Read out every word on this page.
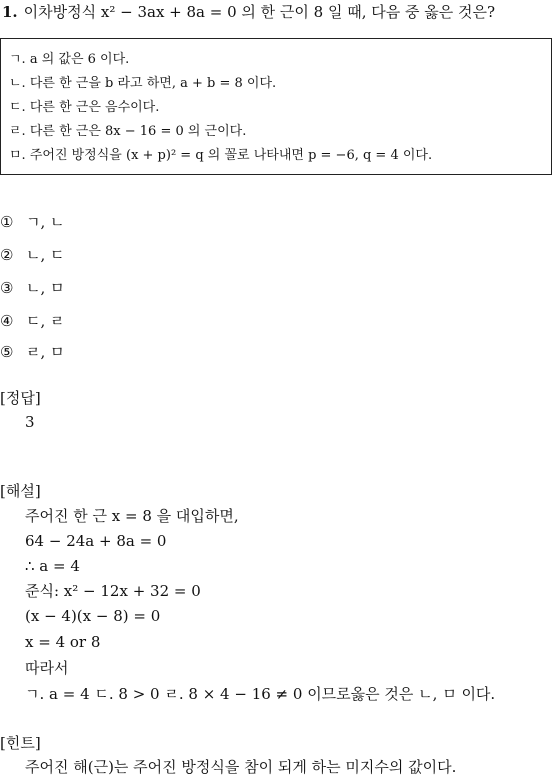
1. 이차방정식 x² − 3ax + 8a = 0 의 한 근이 8 일 때, 다음 중 옳은 것은?
ㄱ. a 의 값은 6 이다.
ㄴ. 다른 한 근을 b 라고 하면, a + b = 8 이다.
ㄷ. 다른 한 근은 음수이다.
ㄹ. 다른 한 근은 8x − 16 = 0 의 근이다.
ㅁ. 주어진 방정식을 (x + p)² = q 의 꼴로 나타내면 p = −6, q = 4 이다.
① ㄱ, ㄴ
② ㄴ, ㄷ
③ ㄴ, ㅁ
④ ㄷ, ㄹ
⑤ ㄹ, ㅁ
[정답]
3
[해설]
주어진 한 근 x = 8 을 대입하면,
64 − 24a + 8a = 0
∴ a = 4
준식: x² − 12x + 32 = 0
(x − 4)(x − 8) = 0
x = 4 or 8
따라서
ㄱ. a = 4 ㄷ. 8 > 0 ㄹ. 8 × 4 − 16 ≠ 0 이므로옳은 것은 ㄴ, ㅁ 이다.
[힌트]
주어진 해(근)는 주어진 방정식을 참이 되게 하는 미지수의 값이다.
